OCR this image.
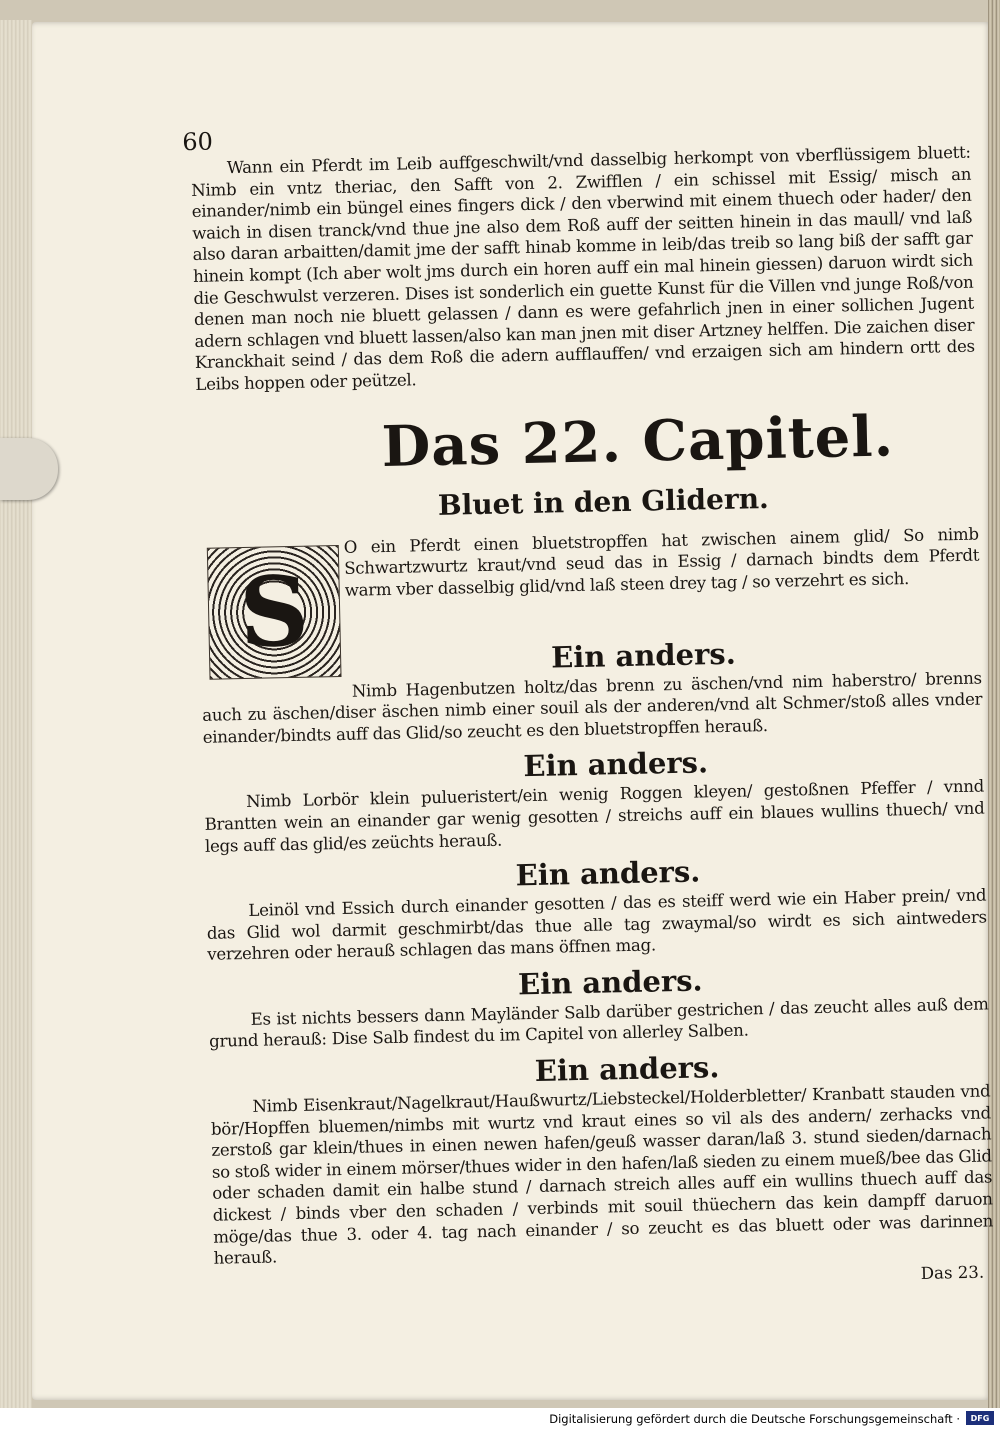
60

Wann ein Pferdt im Leib auffgeschwilt/vnd dasselbig herkompt von vberflüssigem bluett: Nimb ein vntz theriac, den Safft von 2. Zwifflen / ein schissel mit Essig/ misch an einander/nimb ein büngel eines fingers dick / den vberwind mit einem thuech oder hader/ den waich in disen tranck/vnd thue jne also dem Roß auff der seitten hinein in das maull/ vnd laß also daran arbaitten/damit jme der safft hinab komme in leib/das treib so lang biß der safft gar hinein kompt (Ich aber wolt jms durch ein horen auff ein mal hinein giessen) daruon wirdt sich die Geschwulst verzeren. Dises ist sonderlich ein guette Kunst für die Villen vnd junge Roß/von denen man noch nie bluett gelassen / dann es were gefahrlich jnen in einer sollichen Jugent adern schlagen vnd bluett lassen/also kan man jnen mit diser Artzney helffen. Die zaichen diser Kranckhait seind / das dem Roß die adern aufflauffen/ vnd erzaigen sich am hindern ortt des Leibs hoppen oder peützel.

Das 22. Capitel.
Bluet in den Glidern.
S

O ein Pferdt einen bluetstropffen hat zwischen ainem glid/ So nimb Schwartzwurtz kraut/vnd seud das in Essig / darnach bindts dem Pferdt warm vber dasselbig glid/vnd laß steen drey tag / so verzehrt es sich.

Ein anders.

Nimb Hagenbutzen holtz/das brenn zu äschen/vnd nim haberstro/ brenns auch zu äschen/diser äschen nimb einer souil als der anderen/vnd alt Schmer/stoß alles vnder einander/bindts auff das Glid/so zeucht es den bluetstropffen herauß.

Ein anders.

Nimb Lorbör klein pulueristert/ein wenig Roggen kleyen/ gestoßnen Pfeffer / vnnd Brantten wein an einander gar wenig gesotten / streichs auff ein blaues wullins thuech/ vnd legs auff das glid/es zeüchts herauß.

Ein anders.

Leinöl vnd Essich durch einander gesotten / das es steiff werd wie ein Haber prein/ vnd das Glid wol darmit geschmirbt/das thue alle tag zwaymal/so wirdt es sich aintweders verzehren oder herauß schlagen das mans öffnen mag.

Ein anders.

Es ist nichts bessers dann Mayländer Salb darüber gestrichen / das zeucht alles auß dem grund herauß: Dise Salb findest du im Capitel von allerley Salben.

Ein anders.

Nimb Eisenkraut/Nagelkraut/Haußwurtz/Liebsteckel/Holderbletter/ Kranbatt stauden vnd bör/Hopffen bluemen/nimbs mit wurtz vnd kraut eines so vil als des andern/ zerhacks vnd zerstoß gar klein/thues in einen newen hafen/geuß wasser daran/laß 3. stund sieden/darnach so stoß wider in einem mörser/thues wider in den hafen/laß sieden zu einem mueß/bee das Glid oder schaden damit ein halbe stund / darnach streich alles auff ein wullins thuech auff das dickest / binds vber den schaden / verbinds mit souil thüechern das kein dampff daruon möge/das thue 3. oder 4. tag nach einander / so zeucht es das bluett oder was darinnen herauß.

Das 23.
Digitalisierung gefördert durch die Deutsche Forschungsgemeinschaft ·	DFG
